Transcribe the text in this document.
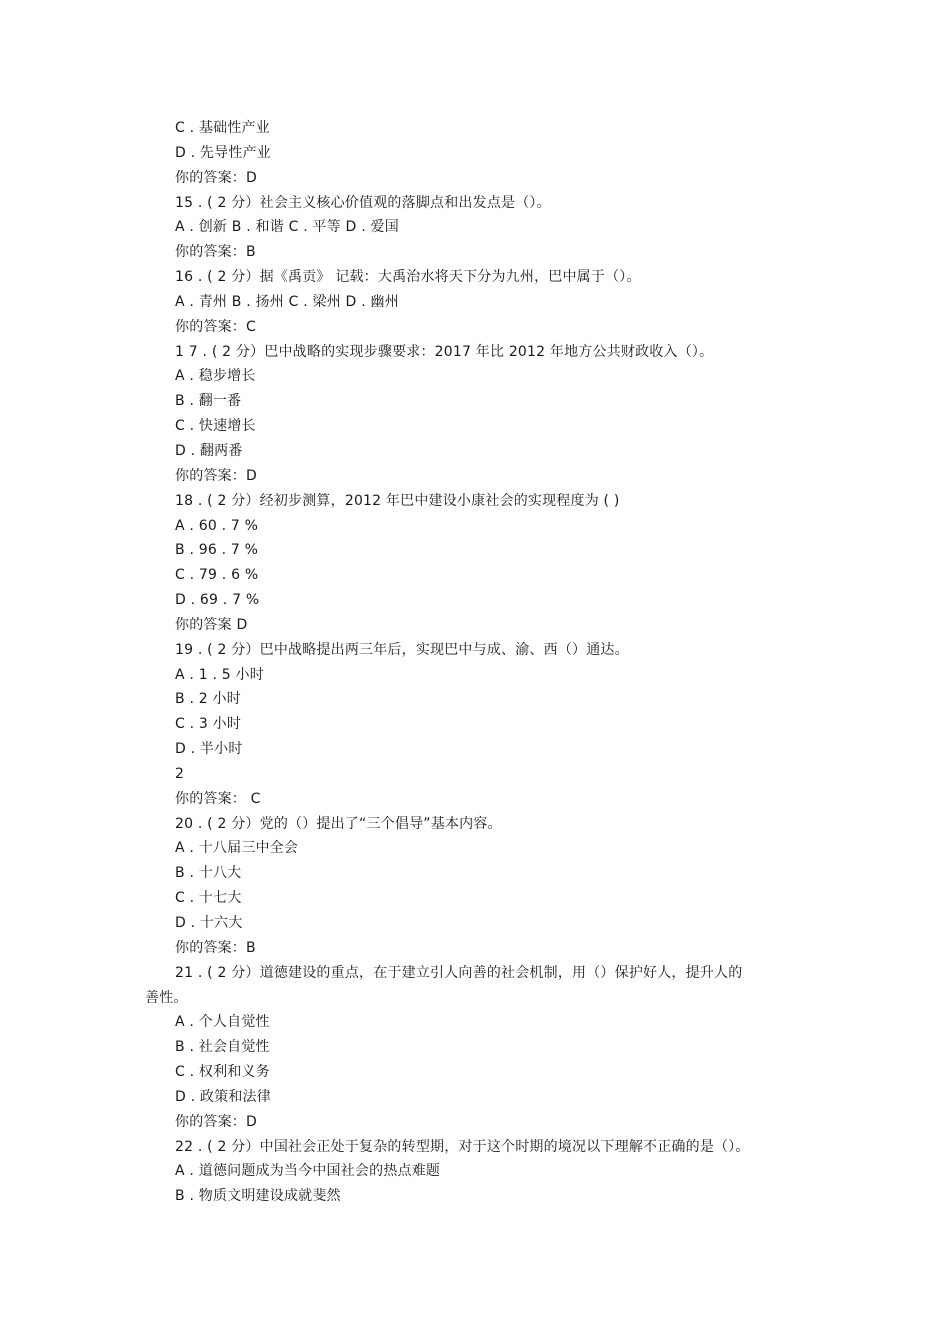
C . 基础性产业
D . 先导性产业
你的答案：D
15 . ( 2 分）社会主义核心价值观的落脚点和出发点是（）。
A . 创新 B . 和谐 C . 平等 D . 爱国
你的答案：B
16 . ( 2 分）据《禹贡》 记载：大禹治水将天下分为九州，巴中属于（）。
A . 青州 B . 扬州 C . 梁州 D . 幽州
你的答案：C
1 7 . ( 2 分）巴中战略的实现步骤要求：2017 年比 2012 年地方公共财政收入（）。
A . 稳步增长
B . 翻一番
C . 快速增长
D . 翻两番
你的答案：D
18 . ( 2 分）经初步测算，2012 年巴中建设小康社会的实现程度为 ( )
A . 60 . 7 %
B . 96 . 7 %
C . 79 . 6 %
D . 69 . 7 %
你的答案 D
19 . ( 2 分）巴中战略提出两三年后，实现巴中与成、渝、西（）通达。
A . 1 . 5 小时
B . 2 小时
C . 3 小时
D . 半小时
2
你的答案： C
20 . ( 2 分）党的（）提出了“三个倡导”基本内容。
A . 十八届三中全会
B . 十八大
C . 十七大
D . 十六大
你的答案：B
21 . ( 2 分）道德建设的重点，在于建立引人向善的社会机制，用（）保护好人，提升人的
善性。
A . 个人自觉性
B . 社会自觉性
C . 权利和义务
D . 政策和法律
你的答案：D
22 . ( 2 分）中国社会正处于复杂的转型期，对于这个时期的境况以下理解不正确的是（）。
A . 道德问题成为当今中国社会的热点难题
B . 物质文明建设成就斐然
